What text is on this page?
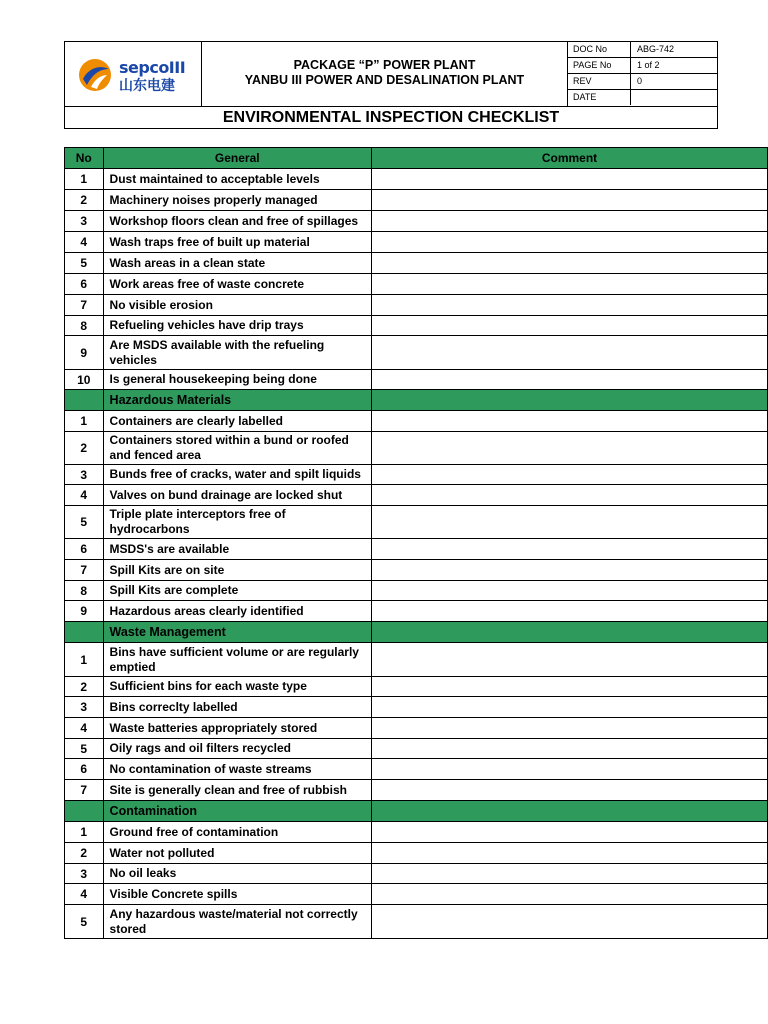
sepcoIII
山东电建
PACKAGE “P” POWER PLANT
YANBU III POWER AND DESALINATION PLANT
DOC No	ABG-742
PAGE No	1 of 2
REV	0
DATE
ENVIRONMENTAL INSPECTION CHECKLIST
No	General	Comment
1	Dust maintained to acceptable levels	
2	Machinery noises properly managed	
3	Workshop floors clean and free of spillages	
4	Wash traps free of built up material	
5	Wash areas in a clean state	
6	Work areas free of waste concrete	
7	No visible erosion	
8	Refueling vehicles have drip trays	
9	Are MSDS available with the refueling vehicles	
10	Is general housekeeping being done	
	Hazardous Materials	
1	Containers are clearly labelled	
2	Containers stored within a bund or roofed and fenced area	
3	Bunds free of cracks, water and spilt liquids	
4	Valves on bund drainage are locked shut	
5	Triple plate interceptors free of hydrocarbons	
6	MSDS's are available	
7	Spill Kits are on site	
8	Spill Kits are complete	
9	Hazardous areas clearly identified	
	Waste Management	
1	Bins have sufficient volume or are regularly emptied	
2	Sufficient bins for each waste type	
3	Bins correclty labelled	
4	Waste batteries appropriately stored	
5	Oily rags and oil filters recycled	
6	No contamination of waste streams	
7	Site is generally clean and free of rubbish	
	Contamination	
1	Ground free of contamination	
2	Water not polluted	
3	No oil leaks	
4	Visible Concrete spills	
5	Any hazardous waste/material not correctly stored	
